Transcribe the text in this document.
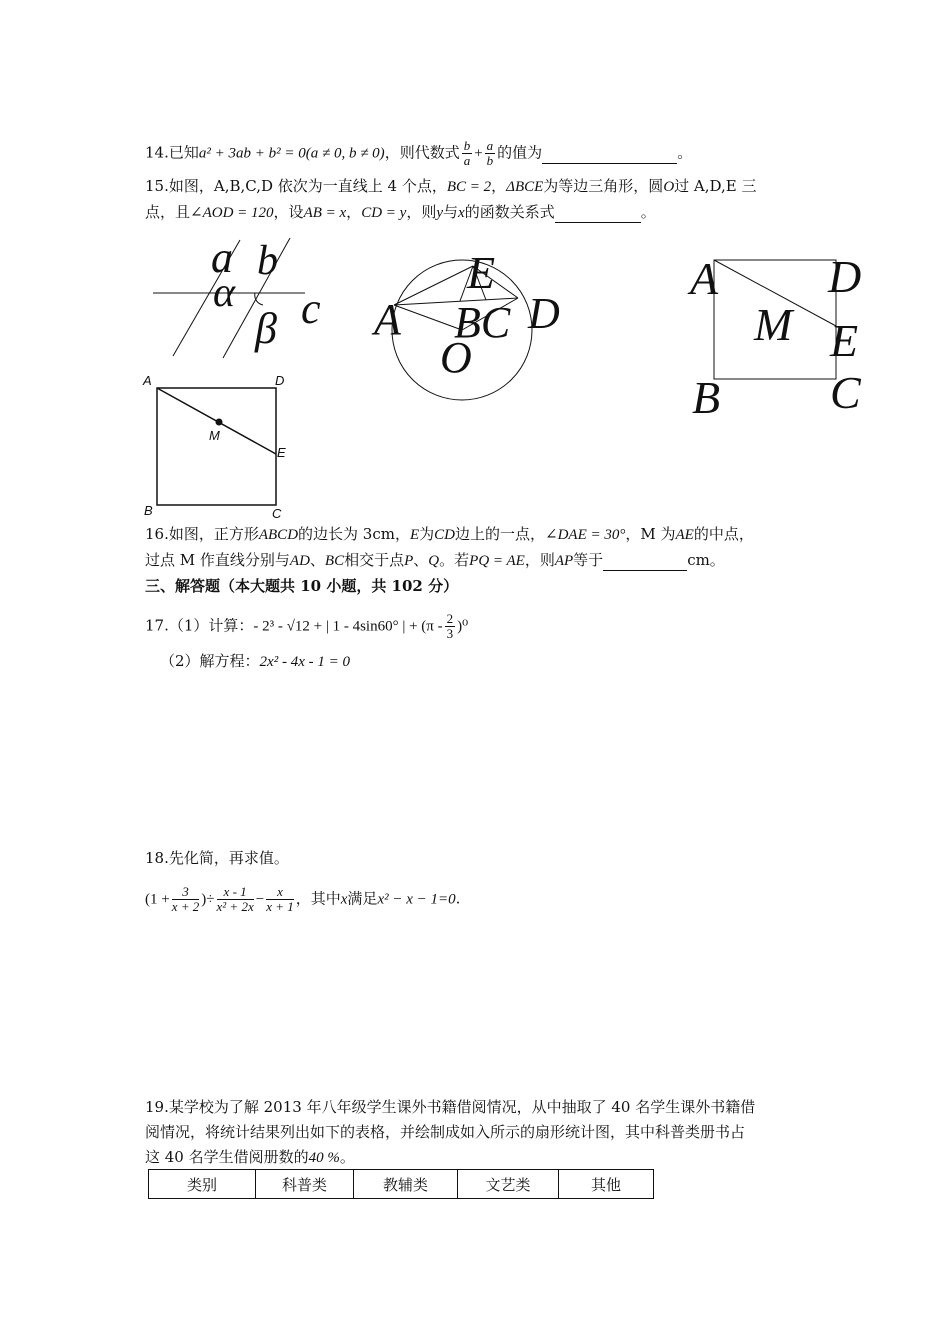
14.已知a² + 3ab + b² = 0(a ≠ 0, b ≠ 0)，则代数式 $\frac{b}{a} + \frac{a}{b}$ 的值为	。
15.如图，A,B,C,D 依次为一直线上 4 个点，BC = 2，ΔBCE为等边三角形，圆O过 A,D,E 三
点，且∠AOD = 120，设AB = x，CD = y，则y与x的函数关系式	。
a b
α c
β
E
A BC D
O
A D
M E
B C
A	D
M
E
B	C
16.如图，正方形ABCD的边长为 3cm，E为CD边上的一点，∠DAE = 30°，M 为AE的中点，
过点 M 作直线分别与AD、BC相交于点P、Q。若PQ = AE，则AP等于	cm。
三、解答题（本大题共 10 小题，共 102 分）
17.（1）计算：- 2³ - √12 + | 1 - 4sin60° | + $(\pi - \frac{2}{3} )^0$
（2）解方程：2x² - 4x - 1 = 0
18.先化简，再求值。
($1 + \frac{3}{x + 2}$ )÷ $\frac{x - 1}{\text{x² + 2x}} - \frac{x}{x + 1}$ ，其中x满足x² − x − 1=0.
19.某学校为了解 2013 年八年级学生课外书籍借阅情况，从中抽取了 40 名学生课外书籍借
阅情况，将统计结果列出如下的表格，并绘制成如入所示的扇形统计图，其中科普类册书占
这 40 名学生借阅册数的40 %。
类别	科普类	教辅类	文艺类	其他
